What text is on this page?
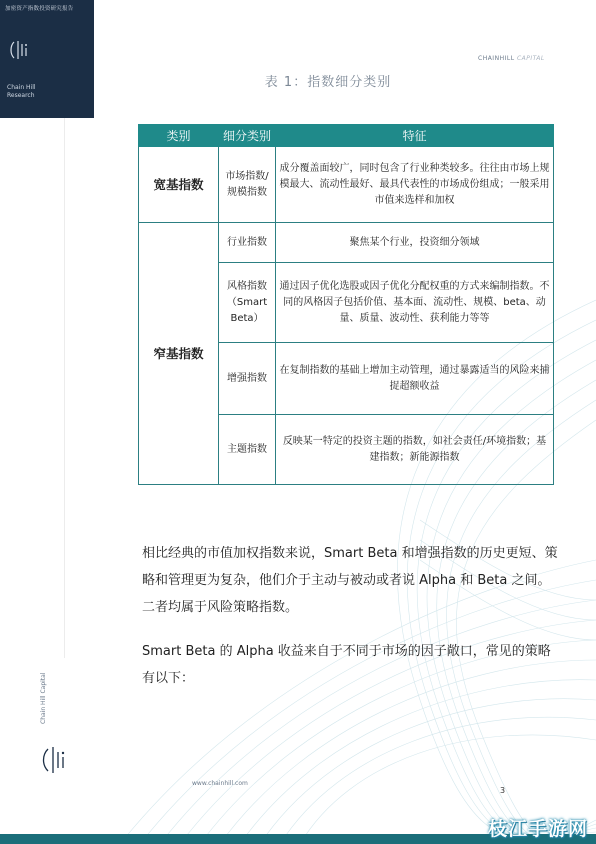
加密资产指数投资研究报告
Chain Hill
Research
CHAINHILL CAPITAL
表 1：指数细分类别
类别	细分类别	特征
宽基指数	市场指数/规模指数	成分覆盖面较广，同时包含了行业种类较多。往往由市场上规模最大、流动性最好、最具代表性的市场成份组成；一般采用市值来选样和加权
窄基指数	行业指数	聚焦某个行业，投资细分领域
	风格指数（Smart Beta）	通过因子优化选股或因子优化分配权重的方式来编制指数。不同的风格因子包括价值、基本面、流动性、规模、beta、动量、质量、波动性、获利能力等等
	增强指数	在复制指数的基础上增加主动管理，通过暴露适当的风险来捕捉超额收益
	主题指数	反映某一特定的投资主题的指数，如社会责任/环境指数；基建指数；新能源指数
相比经典的市值加权指数来说，Smart Beta 和增强指数的历史更短、策略和管理更为复杂，他们介于主动与被动或者说 Alpha 和 Beta 之间。二者均属于风险策略指数。
Smart Beta 的 Alpha 收益来自于不同于市场的因子敞口，常见的策略有以下：
Chain Hill Capital
www.chainhill.com
3
枝江手游网
